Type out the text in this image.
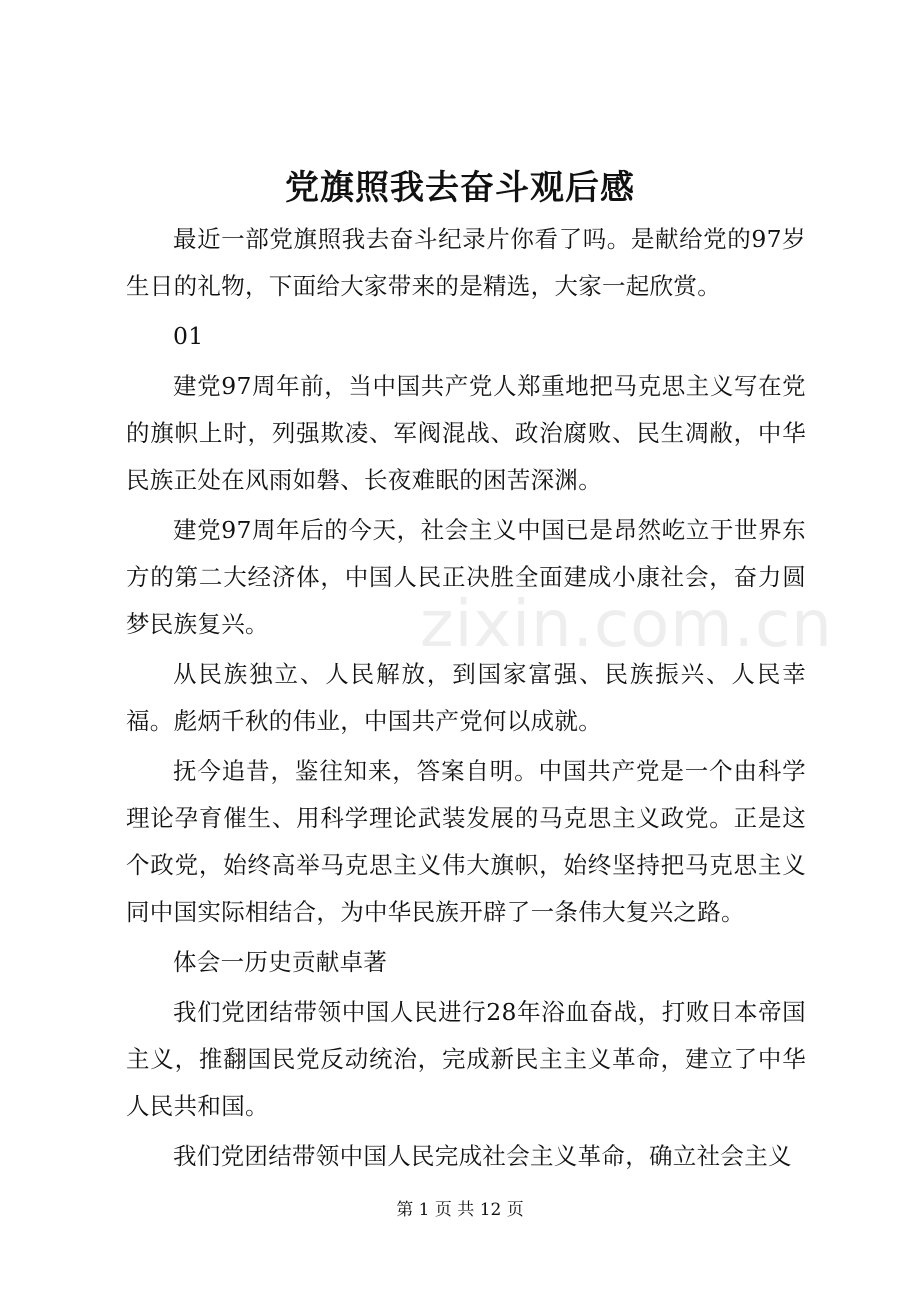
党旗照我去奋斗观后感

最近一部党旗照我去奋斗纪录片你看了吗。是献给党的97岁生日的礼物，下面给大家带来的是精选，大家一起欣赏。

01

建党97周年前，当中国共产党人郑重地把马克思主义写在党的旗帜上时，列强欺凌、军阀混战、政治腐败、民生凋敝，中华民族正处在风雨如磐、长夜难眠的困苦深渊。

建党97周年后的今天，社会主义中国已是昂然屹立于世界东方的第二大经济体，中国人民正决胜全面建成小康社会，奋力圆梦民族复兴。

从民族独立、人民解放，到国家富强、民族振兴、人民幸福。彪炳千秋的伟业，中国共产党何以成就。

抚今追昔，鉴往知来，答案自明。中国共产党是一个由科学理论孕育催生、用科学理论武装发展的马克思主义政党。正是这个政党，始终高举马克思主义伟大旗帜，始终坚持把马克思主义同中国实际相结合，为中华民族开辟了一条伟大复兴之路。

体会一历史贡献卓著

我们党团结带领中国人民进行28年浴血奋战，打败日本帝国主义，推翻国民党反动统治，完成新民主主义革命，建立了中华人民共和国。

我们党团结带领中国人民完成社会主义革命，确立社会主义

zixin.com.cn

第 1 页 共 12 页
